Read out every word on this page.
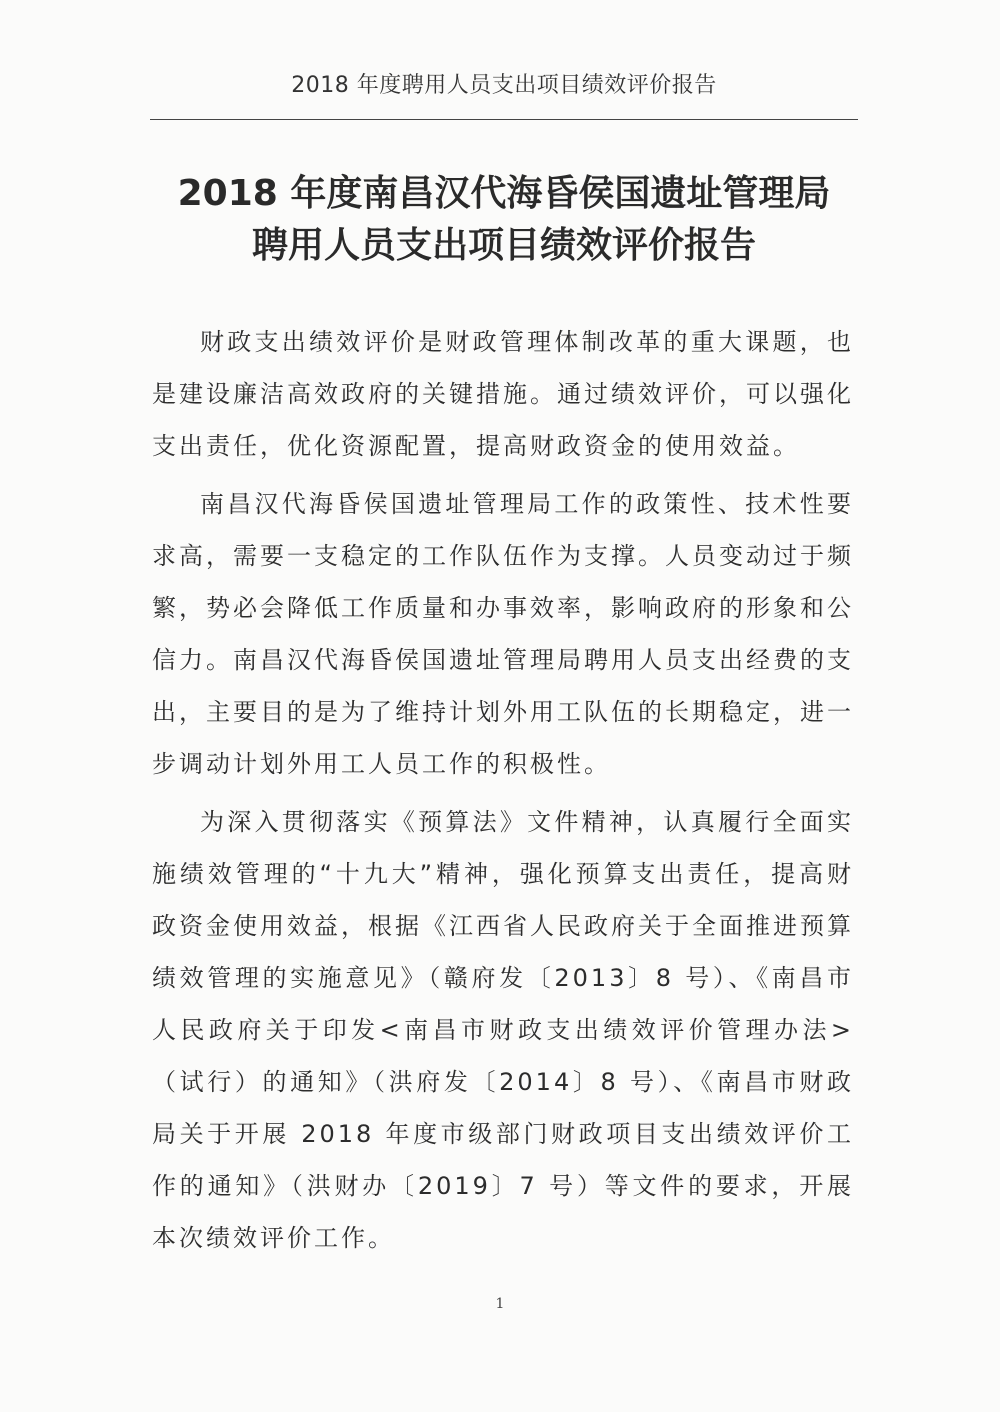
2018 年度聘用人员支出项目绩效评价报告
2018 年度南昌汉代海昏侯国遗址管理局
聘用人员支出项目绩效评价报告

财政支出绩效评价是财政管理体制改革的重大课题，也是建设廉洁高效政府的关键措施。通过绩效评价，可以强化支出责任，优化资源配置，提高财政资金的使用效益。

南昌汉代海昏侯国遗址管理局工作的政策性、技术性要求高，需要一支稳定的工作队伍作为支撑。人员变动过于频繁，势必会降低工作质量和办事效率，影响政府的形象和公信力。南昌汉代海昏侯国遗址管理局聘用人员支出经费的支出，主要目的是为了维持计划外用工队伍的长期稳定，进一步调动计划外用工人员工作的积极性。

为深入贯彻落实《预算法》文件精神，认真履行全面实施绩效管理的“十九大”精神，强化预算支出责任，提高财政资金使用效益，根据《江西省人民政府关于全面推进预算绩效管理的实施意见》（赣府发〔2013〕8 号）、《南昌市人民政府关于印发<南昌市财政支出绩效评价管理办法>（试行）的通知》（洪府发〔2014〕8 号）、《南昌市财政局关于开展 2018 年度市级部门财政项目支出绩效评价工作的通知》（洪财办〔2019〕7 号）等文件的要求，开展本次绩效评价工作。

1
